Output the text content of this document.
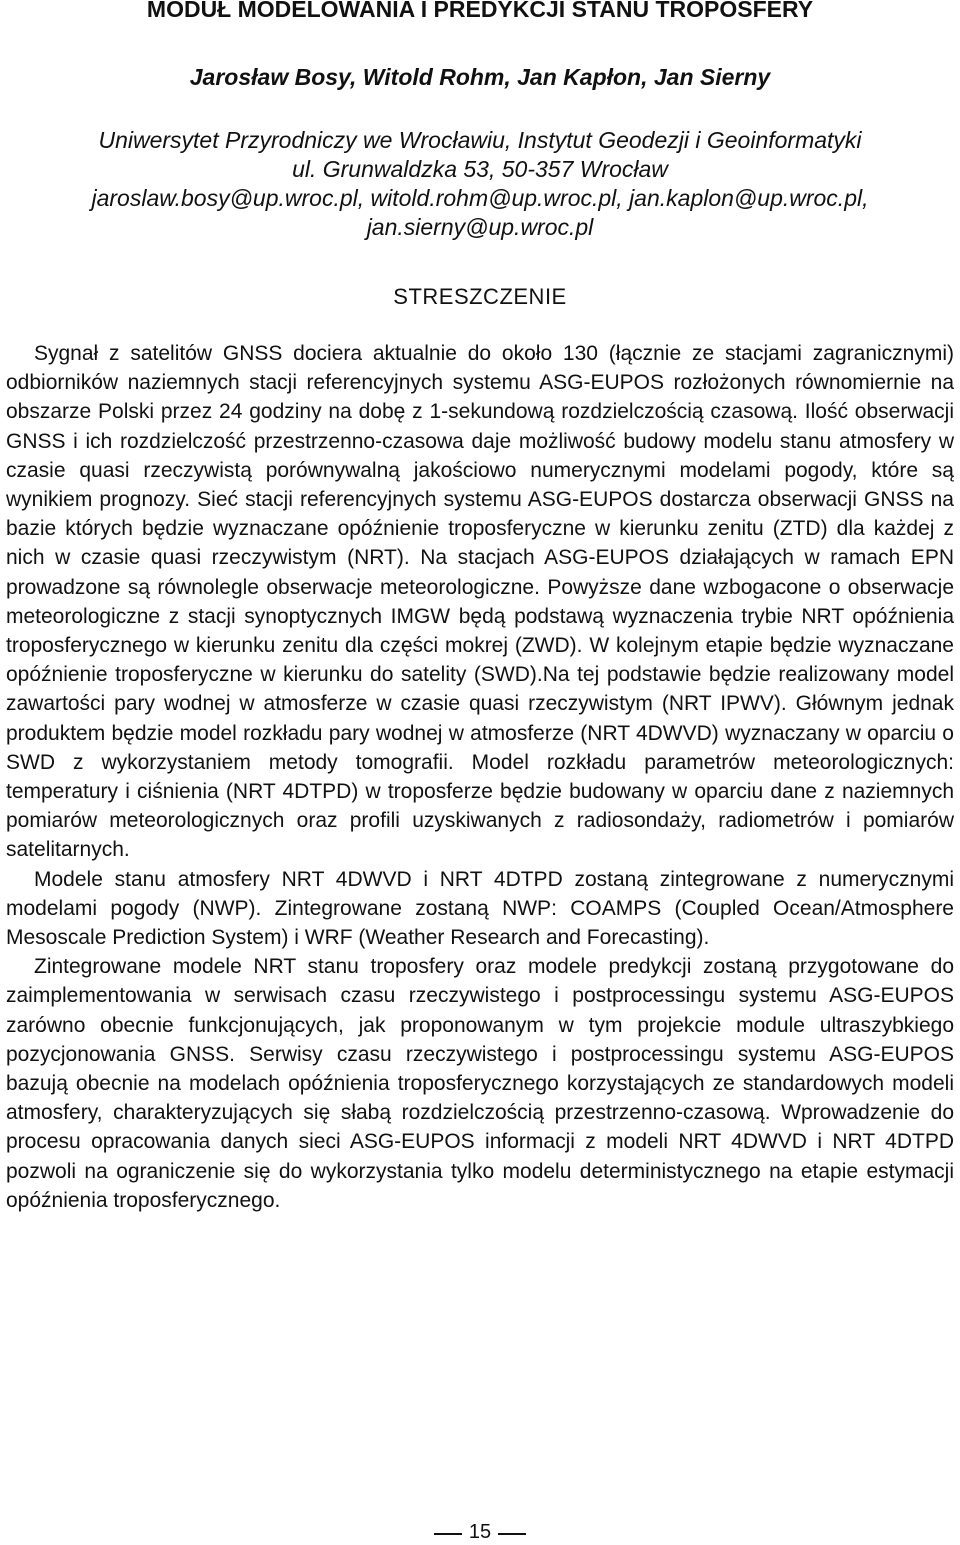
MODUŁ MODELOWANIA I PREDYKCJI STANU TROPOSFERY
Jarosław Bosy, Witold Rohm, Jan Kapłon, Jan Sierny
Uniwersytet Przyrodniczy we Wrocławiu, Instytut Geodezji i Geoinformatyki
ul. Grunwaldzka 53, 50-357 Wrocław
jaroslaw.bosy@up.wroc.pl, witold.rohm@up.wroc.pl, jan.kaplon@up.wroc.pl,
jan.sierny@up.wroc.pl
STRESZCZENIE

Sygnał z satelitów GNSS dociera aktualnie do około 130 (łącznie ze stacjami zagranicznymi) odbiorników naziemnych stacji referencyjnych systemu ASG-EUPOS rozłożonych równomiernie na obszarze Polski przez 24 godziny na dobę z 1-sekundową rozdzielczością czasową. Ilość obserwacji GNSS i ich rozdzielczość przestrzenno-czasowa daje możliwość budowy modelu stanu atmosfery w czasie quasi rzeczywistą porównywalną jakościowo numerycznymi modelami pogody, które są wynikiem prognozy. Sieć stacji referencyjnych systemu ASG-EUPOS dostarcza obserwacji GNSS na bazie których będzie wyznaczane opóźnienie troposferyczne w kierunku zenitu (ZTD) dla każdej z nich w czasie quasi rzeczywistym (NRT). Na stacjach ASG-EUPOS działających w ramach EPN prowadzone są równolegle obserwacje meteorologiczne. Powyższe dane wzbogacone o obserwacje meteorologiczne z stacji synoptycznych IMGW będą podstawą wyznaczenia trybie NRT opóźnienia troposferycznego w kierunku zenitu dla części mokrej (ZWD). W kolejnym etapie będzie wyznaczane opóźnienie troposferyczne w kierunku do satelity (SWD).Na tej podstawie będzie realizowany model zawartości pary wodnej w atmosferze w czasie quasi rzeczywistym (NRT IPWV). Głównym jednak produktem będzie model rozkładu pary wodnej w atmosferze (NRT 4DWVD) wyznaczany w oparciu o SWD z wykorzystaniem metody tomografii. Model rozkładu parametrów meteorologicznych: temperatury i ciśnienia (NRT 4DTPD) w troposferze będzie budowany w oparciu dane z naziemnych pomiarów meteorologicznych oraz profili uzyskiwanych z radiosondaży, radiometrów i pomiarów satelitarnych.

Modele stanu atmosfery NRT 4DWVD i NRT 4DTPD zostaną zintegrowane z numerycznymi modelami pogody (NWP). Zintegrowane zostaną NWP: COAMPS (Coupled Ocean/Atmosphere Mesoscale Prediction System) i WRF (Weather Research and Forecasting).

Zintegrowane modele NRT stanu troposfery oraz modele predykcji zostaną przygotowane do zaimplementowania w serwisach czasu rzeczywistego i postprocessingu systemu ASG-EUPOS zarówno obecnie funkcjonujących, jak proponowanym w tym projekcie module ultraszybkiego pozycjonowania GNSS. Serwisy czasu rzeczywistego i postprocessingu systemu ASG-EUPOS bazują obecnie na modelach opóźnienia troposferycznego korzystających ze standardowych modeli atmosfery, charakteryzujących się słabą rozdzielczością przestrzenno-czasową. Wprowadzenie do procesu opracowania danych sieci ASG-EUPOS informacji z modeli NRT 4DWVD i NRT 4DTPD pozwoli na ograniczenie się do wykorzystania tylko modelu deterministycznego na etapie estymacji opóźnienia troposferycznego.

15
